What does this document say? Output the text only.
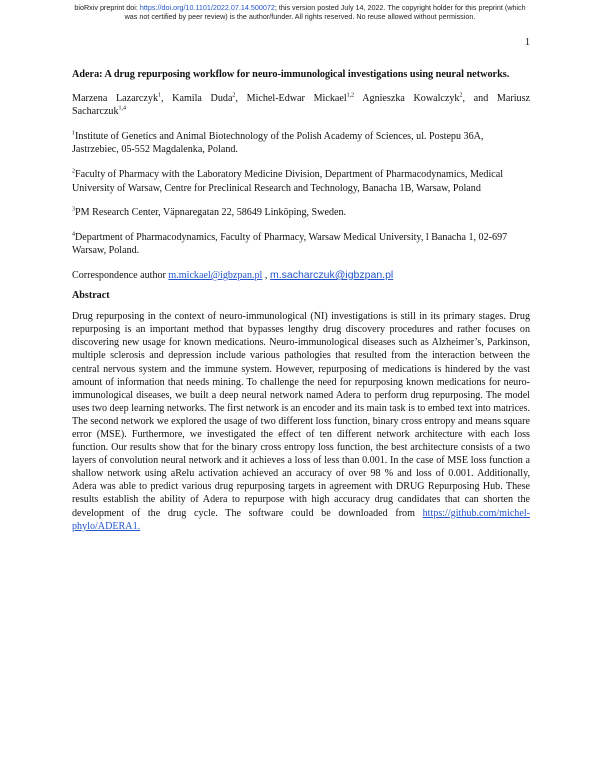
bioRxiv preprint doi: https://doi.org/10.1101/2022.07.14.500072; this version posted July 14, 2022. The copyright holder for this preprint (which
was not certified by peer review) is the author/funder. All rights reserved. No reuse allowed without permission.
1

Adera: A drug repurposing workflow for neuro-immunological investigations using neural networks.

Marzena Lazarczyk$^1$, Kamila Duda$^2$, Michel-Edwar Mickael$^{1,2}$ Agnieszka Kowalczyk$^2$, and Mariusz Sacharczuk$^{1,4}$

$^1$Institute of Genetics and Animal Biotechnology of the Polish Academy of Sciences, ul. Postepu 36A, Jastrzebiec, 05-552 Magdalenka, Poland.

$^2$Faculty of Pharmacy with the Laboratory Medicine Division, Department of Pharmacodynamics, Medical University of Warsaw, Centre for Preclinical Research and Technology, Banacha 1B, Warsaw, Poland

$^3$PM Research Center, Väpnaregatan 22, 58649 Linköping, Sweden.

$^4$Department of Pharmacodynamics, Faculty of Pharmacy, Warsaw Medical University, l Banacha 1, 02-697 Warsaw, Poland.

Correspondence author m.mickael@igbzpan.pl , m.sacharczuk@igbzpan.pl

Abstract

Drug repurposing in the context of neuro-immunological (NI) investigations is still in its primary stages. Drug repurposing is an important method that bypasses lengthy drug discovery procedures and rather focuses on discovering new usage for known medications. Neuro-immunological diseases such as Alzheimer’s, Parkinson, multiple sclerosis and depression include various pathologies that resulted from the interaction between the central nervous system and the immune system. However, repurposing of medications is hindered by the vast amount of information that needs mining. To challenge the need for repurposing known medications for neuro-immunological diseases, we built a deep neural network named Adera to perform drug repurposing. The model uses two deep learning networks. The first network is an encoder and its main task is to embed text into matrices. The second network we explored the usage of two different loss function, binary cross entropy and means square error (MSE). Furthermore, we investigated the effect of ten different network architecture with each loss function. Our results show that for the binary cross entropy loss function, the best architecture consists of a two layers of convolution neural network and it achieves a loss of less than 0.001. In the case of MSE loss function a shallow network using aRelu activation achieved an accuracy of over 98 % and loss of 0.001. Additionally, Adera was able to predict various drug repurposing targets in agreement with DRUG Repurposing Hub. These results establish the ability of Adera to repurpose with high accuracy drug candidates that can shorten the development of the drug cycle. The software could be downloaded from https://github.com/michel-phylo/ADERA1.
